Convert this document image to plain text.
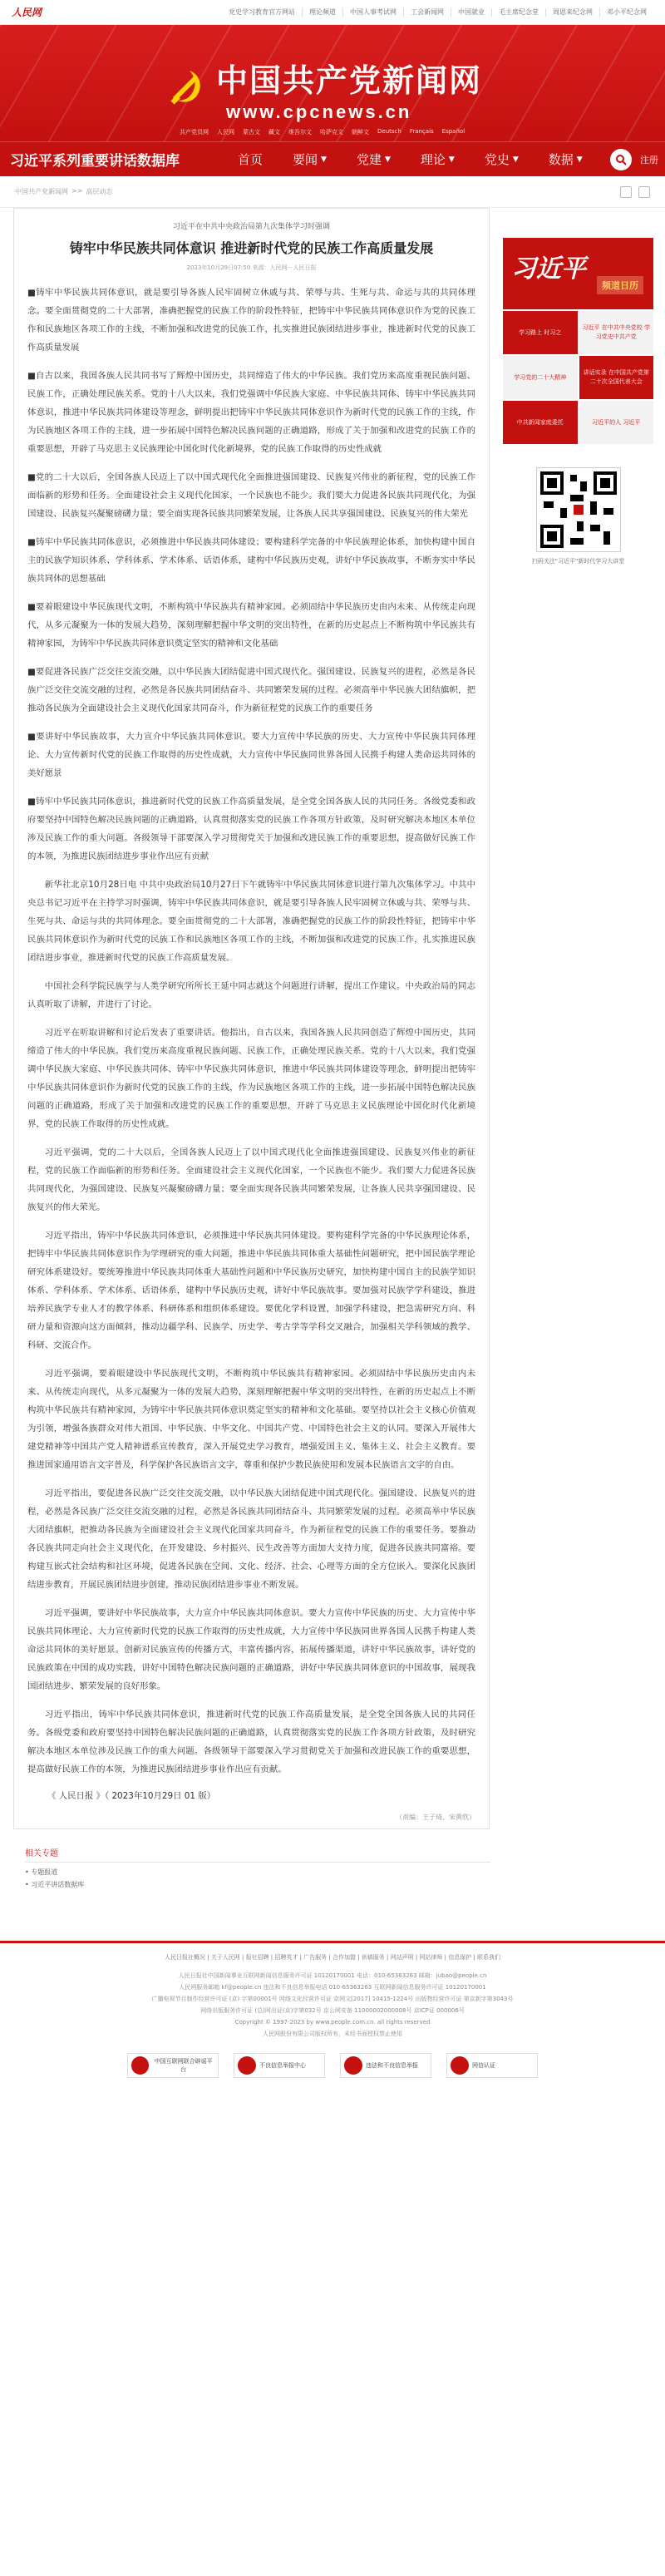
人民网	党史学习教育官方网站	理论频道	中国人事考试网	工会新闻网	中国就业	毛主席纪念堂	周恩来纪念网	邓小平纪念网
中国共产党新闻网
www.cpcnews.cn
共产党员网 人民网 蒙古文 藏文 维吾尔文 哈萨克文 朝鲜文 Deutsch Français Español
习近平系列重要讲话数据库	首页 要闻 ▼ 党建 ▼ 理论 ▼ 党史 ▼ 数据 ▼	注册
中国共产党新闻网 >> 高层动态
习近平在中共中央政治局第九次集体学习时强调
铸牢中华民族共同体意识 推进新时代党的民族工作高质量发展
2023年10月29日07:50 来源：人民网－人民日报

■铸牢中华民族共同体意识，就是要引导各族人民牢固树立休戚与共、荣辱与共、生死与共、命运与共的共同体理念。要全面贯彻党的二十大部署，准确把握党的民族工作的阶段性特征，把铸牢中华民族共同体意识作为党的民族工作和民族地区各项工作的主线，不断加强和改进党的民族工作，扎实推进民族团结进步事业，推进新时代党的民族工作高质量发展

■自古以来，我国各族人民共同书写了辉煌中国历史，共同缔造了伟大的中华民族。我们党历来高度重视民族问题、民族工作，正确处理民族关系。党的十八大以来，我们党强调中华民族大家庭、中华民族共同体、铸牢中华民族共同体意识，推进中华民族共同体建设等理念，鲜明提出把铸牢中华民族共同体意识作为新时代党的民族工作的主线，作为民族地区各项工作的主线，进一步拓展中国特色解决民族问题的正确道路，形成了关于加强和改进党的民族工作的重要思想，开辟了马克思主义民族理论中国化时代化新境界，党的民族工作取得的历史性成就

■党的二十大以后，全国各族人民迈上了以中国式现代化全面推进强国建设、民族复兴伟业的新征程，党的民族工作面临新的形势和任务。全面建设社会主义现代化国家，一个民族也不能少。我们要大力促进各民族共同现代化，为强国建设、民族复兴凝聚磅礴力量；要全面实现各民族共同繁荣发展，让各族人民共享强国建设、民族复兴的伟大荣光

■铸牢中华民族共同体意识，必须推进中华民族共同体建设；要构建科学完备的中华民族理论体系，加快构建中国自主的民族学知识体系、学科体系、学术体系、话语体系，建构中华民族历史观，讲好中华民族故事，不断夯实中华民族共同体的思想基础

■要着眼建设中华民族现代文明，不断构筑中华民族共有精神家园。必须固结中华民族历史由内未来、从传统走向现代，从多元凝聚为一体的发展大趋势，深刻理解把握中华文明的突出特性，在新的历史起点上不断构筑中华民族共有精神家园，为铸牢中华民族共同体意识奠定坚实的精神和文化基础

■要促进各民族广泛交往交流交融，以中华民族大团结促进中国式现代化。强国建设、民族复兴的进程，必然是各民族广泛交往交流交融的过程，必然是各民族共同团结奋斗、共同繁荣发展的过程。必须高举中华民族大团结旗帜，把推动各民族为全面建设社会主义现代化国家共同奋斗，作为新征程党的民族工作的重要任务

■要讲好中华民族故事，大力宣介中华民族共同体意识。要大力宣传中华民族的历史、大力宣传中华民族共同体理论、大力宣传新时代党的民族工作取得的历史性成就，大力宣传中华民族同世界各国人民携手构建人类命运共同体的美好愿景

■铸牢中华民族共同体意识，推进新时代党的民族工作高质量发展，是全党全国各族人民的共同任务。各级党委和政府要坚持中国特色解决民族问题的正确道路，认真贯彻落实党的民族工作各项方针政策，及时研究解决本地区本单位涉及民族工作的重大问题。各级领导干部要深入学习贯彻党关于加强和改进民族工作的重要思想，提高做好民族工作的本领，为推进民族团结进步事业作出应有贡献

新华社北京10月28日电 中共中央政治局10月27日下午就铸牢中华民族共同体意识进行第九次集体学习。中共中央总书记习近平在主持学习时强调，铸牢中华民族共同体意识，就是要引导各族人民牢固树立休戚与共、荣辱与共、生死与共、命运与共的共同体理念。要全面贯彻党的二十大部署，准确把握党的民族工作的阶段性特征，把铸牢中华民族共同体意识作为新时代党的民族工作和民族地区各项工作的主线，不断加强和改进党的民族工作，扎实推进民族团结进步事业，推进新时代党的民族工作高质量发展。

中国社会科学院民族学与人类学研究所所长王延中同志就这个问题进行讲解，提出工作建议。中央政治局的同志认真听取了讲解，并进行了讨论。

习近平在听取讲解和讨论后发表了重要讲话。他指出，自古以来，我国各族人民共同创造了辉煌中国历史，共同缔造了伟大的中华民族。我们党历来高度重视民族问题、民族工作，正确处理民族关系。党的十八大以来，我们党强调中华民族大家庭、中华民族共同体、铸牢中华民族共同体意识，推进中华民族共同体建设等理念，鲜明提出把铸牢中华民族共同体意识作为新时代党的民族工作的主线，作为民族地区各项工作的主线，进一步拓展中国特色解决民族问题的正确道路，形成了关于加强和改进党的民族工作的重要思想，开辟了马克思主义民族理论中国化时代化新境界，党的民族工作取得的历史性成就。

习近平强调，党的二十大以后，全国各族人民迈上了以中国式现代化全面推进强国建设、民族复兴伟业的新征程，党的民族工作面临新的形势和任务。全面建设社会主义现代化国家，一个民族也不能少。我们要大力促进各民族共同现代化，为强国建设、民族复兴凝聚磅礴力量；要全面实现各民族共同繁荣发展，让各族人民共享强国建设、民族复兴的伟大荣光。

习近平指出，铸牢中华民族共同体意识，必须推进中华民族共同体建设。要构建科学完备的中华民族理论体系，把铸牢中华民族共同体意识作为学理研究的重大问题，推进中华民族共同体重大基础性问题研究，把中国民族学理论研究体系建设好。要统筹推进中华民族共同体重大基础性问题和中华民族历史研究，加快构建中国自主的民族学知识体系、学科体系、学术体系、话语体系，建构中华民族历史观，讲好中华民族故事。要加强对民族学学科建设，推进培养民族学专业人才的教学体系、科研体系和组织体系建设。要优化学科设置，加强学科建设，把急需研究方向、科研力量和资源向这方面倾斜，推动边疆学科、民族学、历史学、考古学等学科交叉融合，加强相关学科领域的教学、科研、交流合作。

习近平强调，要着眼建设中华民族现代文明，不断构筑中华民族共有精神家园。必须固结中华民族历史由内未来、从传统走向现代，从多元凝聚为一体的发展大趋势，深刻理解把握中华文明的突出特性，在新的历史起点上不断构筑中华民族共有精神家园，为铸牢中华民族共同体意识奠定坚实的精神和文化基础。要坚持以社会主义核心价值观为引领，增强各族群众对伟大祖国、中华民族、中华文化、中国共产党、中国特色社会主义的认同。要深入开展伟大建党精神等中国共产党人精神谱系宣传教育，深入开展党史学习教育，增强爱国主义、集体主义、社会主义教育。要推进国家通用语言文字普及，科学保护各民族语言文字，尊重和保护少数民族使用和发展本民族语言文字的自由。

习近平指出，要促进各民族广泛交往交流交融，以中华民族大团结促进中国式现代化。强国建设、民族复兴的进程，必然是各民族广泛交往交流交融的过程，必然是各民族共同团结奋斗、共同繁荣发展的过程。必须高举中华民族大团结旗帜，把推动各民族为全面建设社会主义现代化国家共同奋斗，作为新征程党的民族工作的重要任务。要推动各民族共同走向社会主义现代化，在开发建设、乡村振兴、民生改善等方面加大支持力度，促进各民族共同富裕。要构建互嵌式社会结构和社区环境，促进各民族在空间、文化、经济、社会、心理等方面的全方位嵌入。要深化民族团结进步教育，开展民族团结进步创建，推动民族团结进步事业不断发展。

习近平强调，要讲好中华民族故事，大力宣介中华民族共同体意识。要大力宣传中华民族的历史、大力宣传中华民族共同体理论、大力宣传新时代党的民族工作取得的历史性成就，大力宣传中华民族同世界各国人民携手构建人类命运共同体的美好愿景。创新对民族宣传的传播方式，丰富传播内容，拓展传播渠道，讲好中华民族故事，讲好党的民族政策在中国的成功实践，讲好中国特色解决民族问题的正确道路，讲好中华民族共同体意识的中国故事，展现我国团结进步、繁荣发展的良好形象。

习近平指出，铸牢中华民族共同体意识，推进新时代党的民族工作高质量发展，是全党全国各族人民的共同任务。各级党委和政府要坚持中国特色解决民族问题的正确道路，认真贯彻落实党的民族工作各项方针政策，及时研究解决本地区本单位涉及民族工作的重大问题。各级领导干部要深入学习贯彻党关于加强和改进民族工作的重要思想，提高做好民族工作的本领，为推进民族团结进步事业作出应有贡献。

《 人民日报 》（ 2023年10月29日 01 版）
（责编：王子琦、宋黄欣）
习近平
频道日历
学习路上 时习之
习近平 在中共中央党校 学习党史中共产党
学习党的二十大精神
讲话实录 在中国共产党第二十次全国代表大会
中共新闻家庭委托	习近平的人 习近平
扫码关注"习近平"新时代学习大讲堂
相关专题
• 专题报道
• 习近平讲话数据库
人民日报社概况 | 关于人民网 | 报社招聘 | 招聘英才 | 广告服务 | 合作加盟 | 供稿服务 | 网站声明 | 网站律师 | 信息保护 | 联系我们
人民日报社中国新闻事业互联网新闻信息服务许可证 10120170001 电话：010-65363263 邮箱：jubao@people.cn
人民网服务邮箱 kf@people.cn 违法和不良信息举报电话 010-65363263 互联网新闻信息服务许可证 10120170001
广播电视节目制作经营许可证 (京) 字第00001号 网络文化经营许可证 京网文[2017] 10415-1224号 出版物经营许可证 第京新字第3043号
网络出版服务许可证 (总)网出证(京)字第032号 京公网安备 11000002000008号 京ICP证 000006号
Copyright © 1997-2023 by www.people.com.cn. all rights reserved
人民网股份有限公司版权所有，未经书面授权禁止使用
中国互联网联合辟谣平台
不良信息举报中心	违法和不良信息举报	网信认证
